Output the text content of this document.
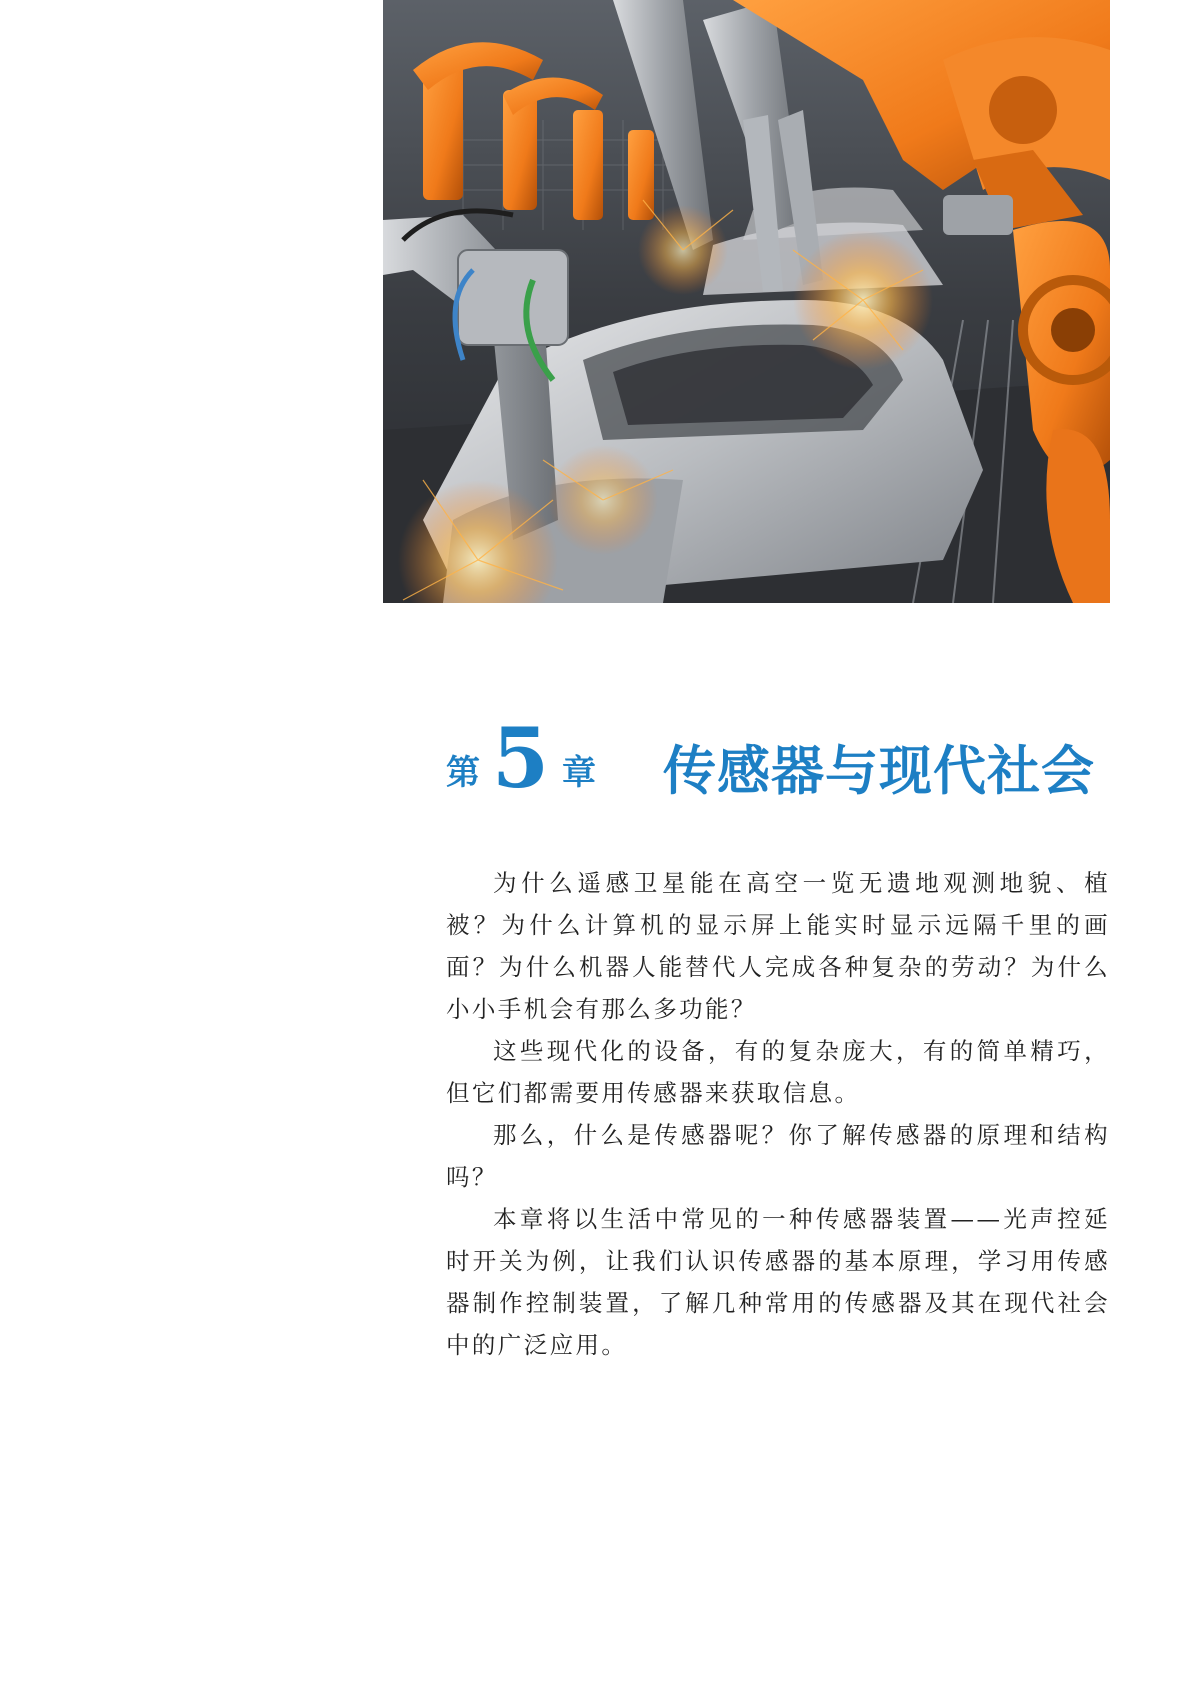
第 5 章 传感器与现代社会

为什么遥感卫星能在高空一览无遗地观测地貌、植被？为什么计算机的显示屏上能实时显示远隔千里的画面？为什么机器人能替代人完成各种复杂的劳动？为什么小小手机会有那么多功能？

这些现代化的设备，有的复杂庞大，有的简单精巧，但它们都需要用传感器来获取信息。

那么，什么是传感器呢？你了解传感器的原理和结构吗？

本章将以生活中常见的一种传感器装置——光声控延时开关为例，让我们认识传感器的基本原理，学习用传感器制作控制装置，了解几种常用的传感器及其在现代社会中的广泛应用。
